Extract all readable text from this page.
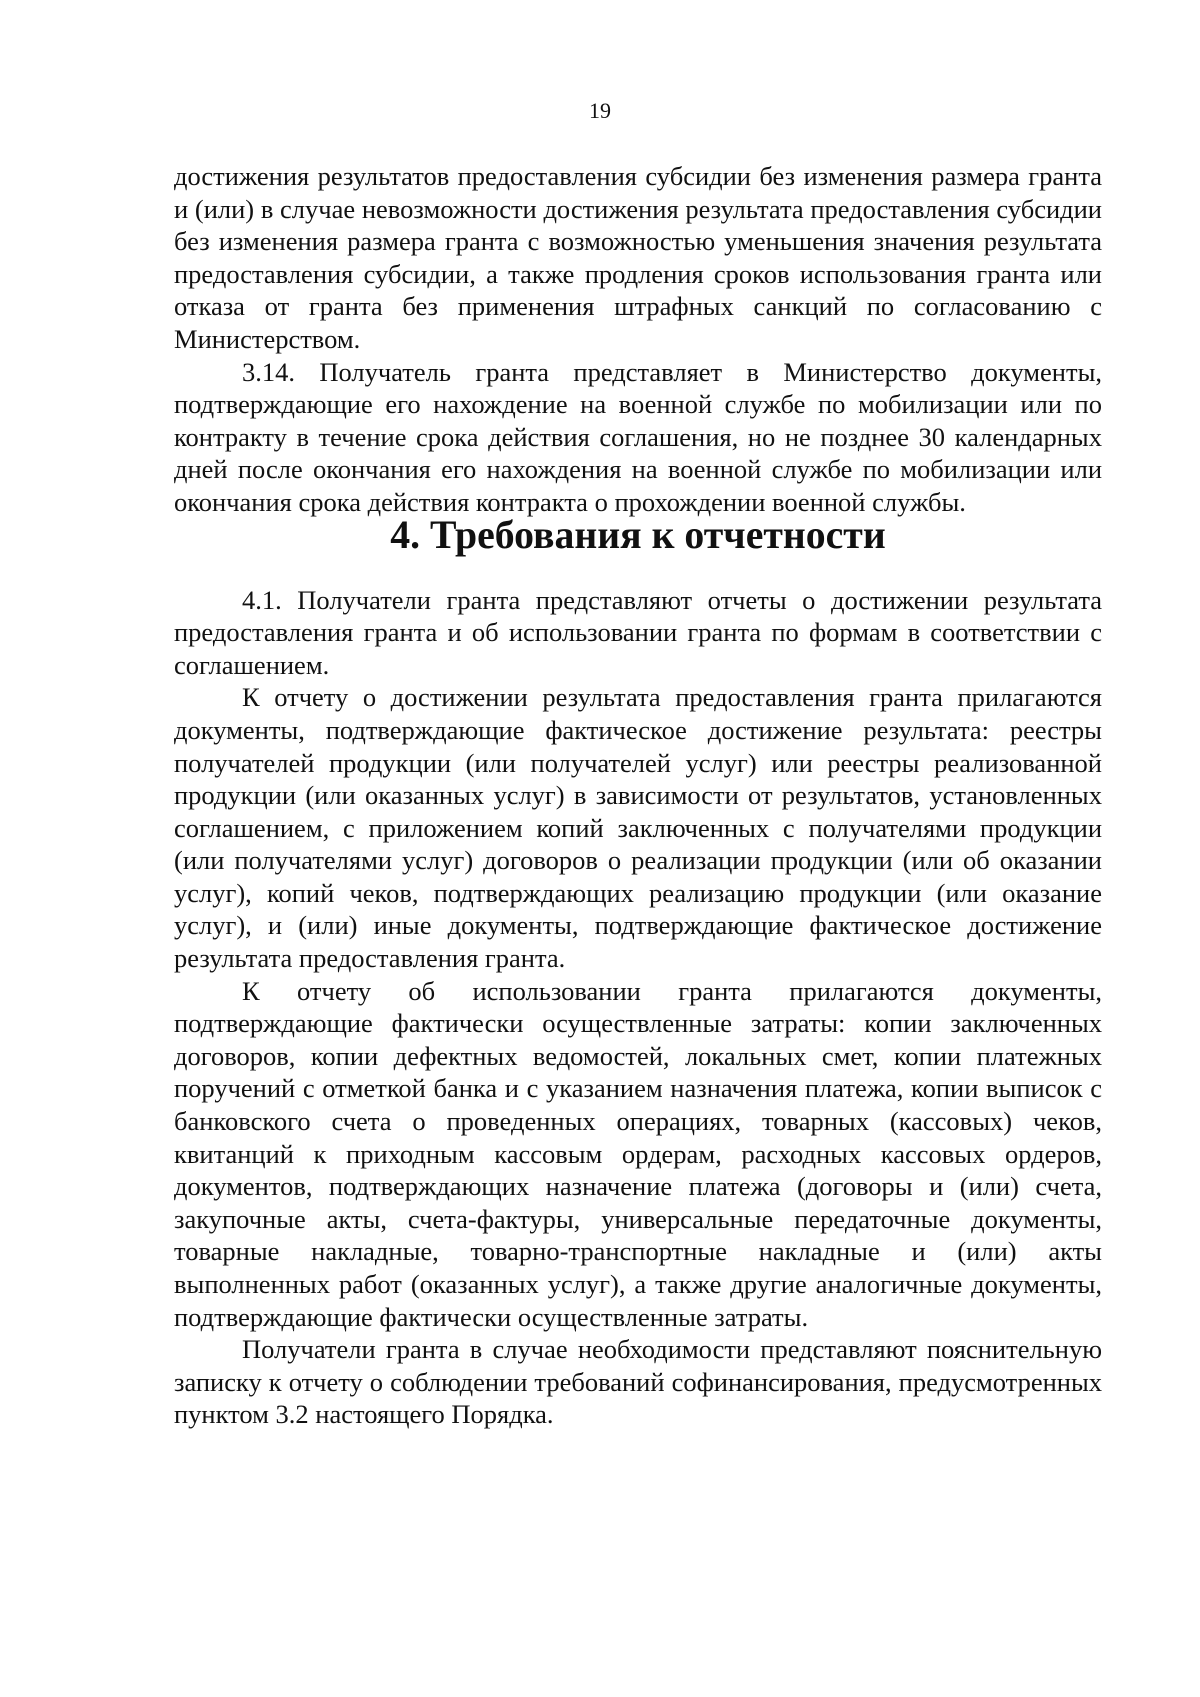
19

достижения результатов предоставления субсидии без изменения размера гранта и (или) в случае невозможности достижения результата предоставления субсидии без изменения размера гранта с возможностью уменьшения значения результата предоставления субсидии, а также продления сроков использования гранта или отказа от гранта без применения штрафных санкций по согласованию с Министерством.

3.14. Получатель гранта представляет в Министерство документы, подтверждающие его нахождение на военной службе по мобилизации или по контракту в течение срока действия соглашения, но не позднее 30 календарных дней после окончания его нахождения на военной службе по мобилизации или окончания срока действия контракта о прохождении военной службы.

4. Требования к отчетности

4.1. Получатели гранта представляют отчеты о достижении результата предоставления гранта и об использовании гранта по формам в соответствии с соглашением.

К отчету о достижении результата предоставления гранта прилагаются документы, подтверждающие фактическое достижение результата: реестры получателей продукции (или получателей услуг) или реестры реализованной продукции (или оказанных услуг) в зависимости от результатов, установленных соглашением, с приложением копий заключенных с получателями продукции (или получателями услуг) договоров о реализации продукции (или об оказании услуг), копий чеков, подтверждающих реализацию продукции (или оказание услуг), и (или) иные документы, подтверждающие фактическое достижение результата предоставления гранта.

К отчету об использовании гранта прилагаются документы, подтверждающие фактически осуществленные затраты: копии заключенных договоров, копии дефектных ведомостей, локальных смет, копии платежных поручений с отметкой банка и с указанием назначения платежа, копии выписок с банковского счета о проведенных операциях, товарных (кассовых) чеков, квитанций к приходным кассовым ордерам, расходных кассовых ордеров, документов, подтверждающих назначение платежа (договоры и (или) счета, закупочные акты, счета-фактуры, универсальные передаточные документы, товарные накладные, товарно-транспортные накладные и (или) акты выполненных работ (оказанных услуг), а также другие аналогичные документы, подтверждающие фактически осуществленные затраты.

Получатели гранта в случае необходимости представляют пояснительную записку к отчету о соблюдении требований софинансирования, предусмотренных пунктом 3.2 настоящего Порядка.
